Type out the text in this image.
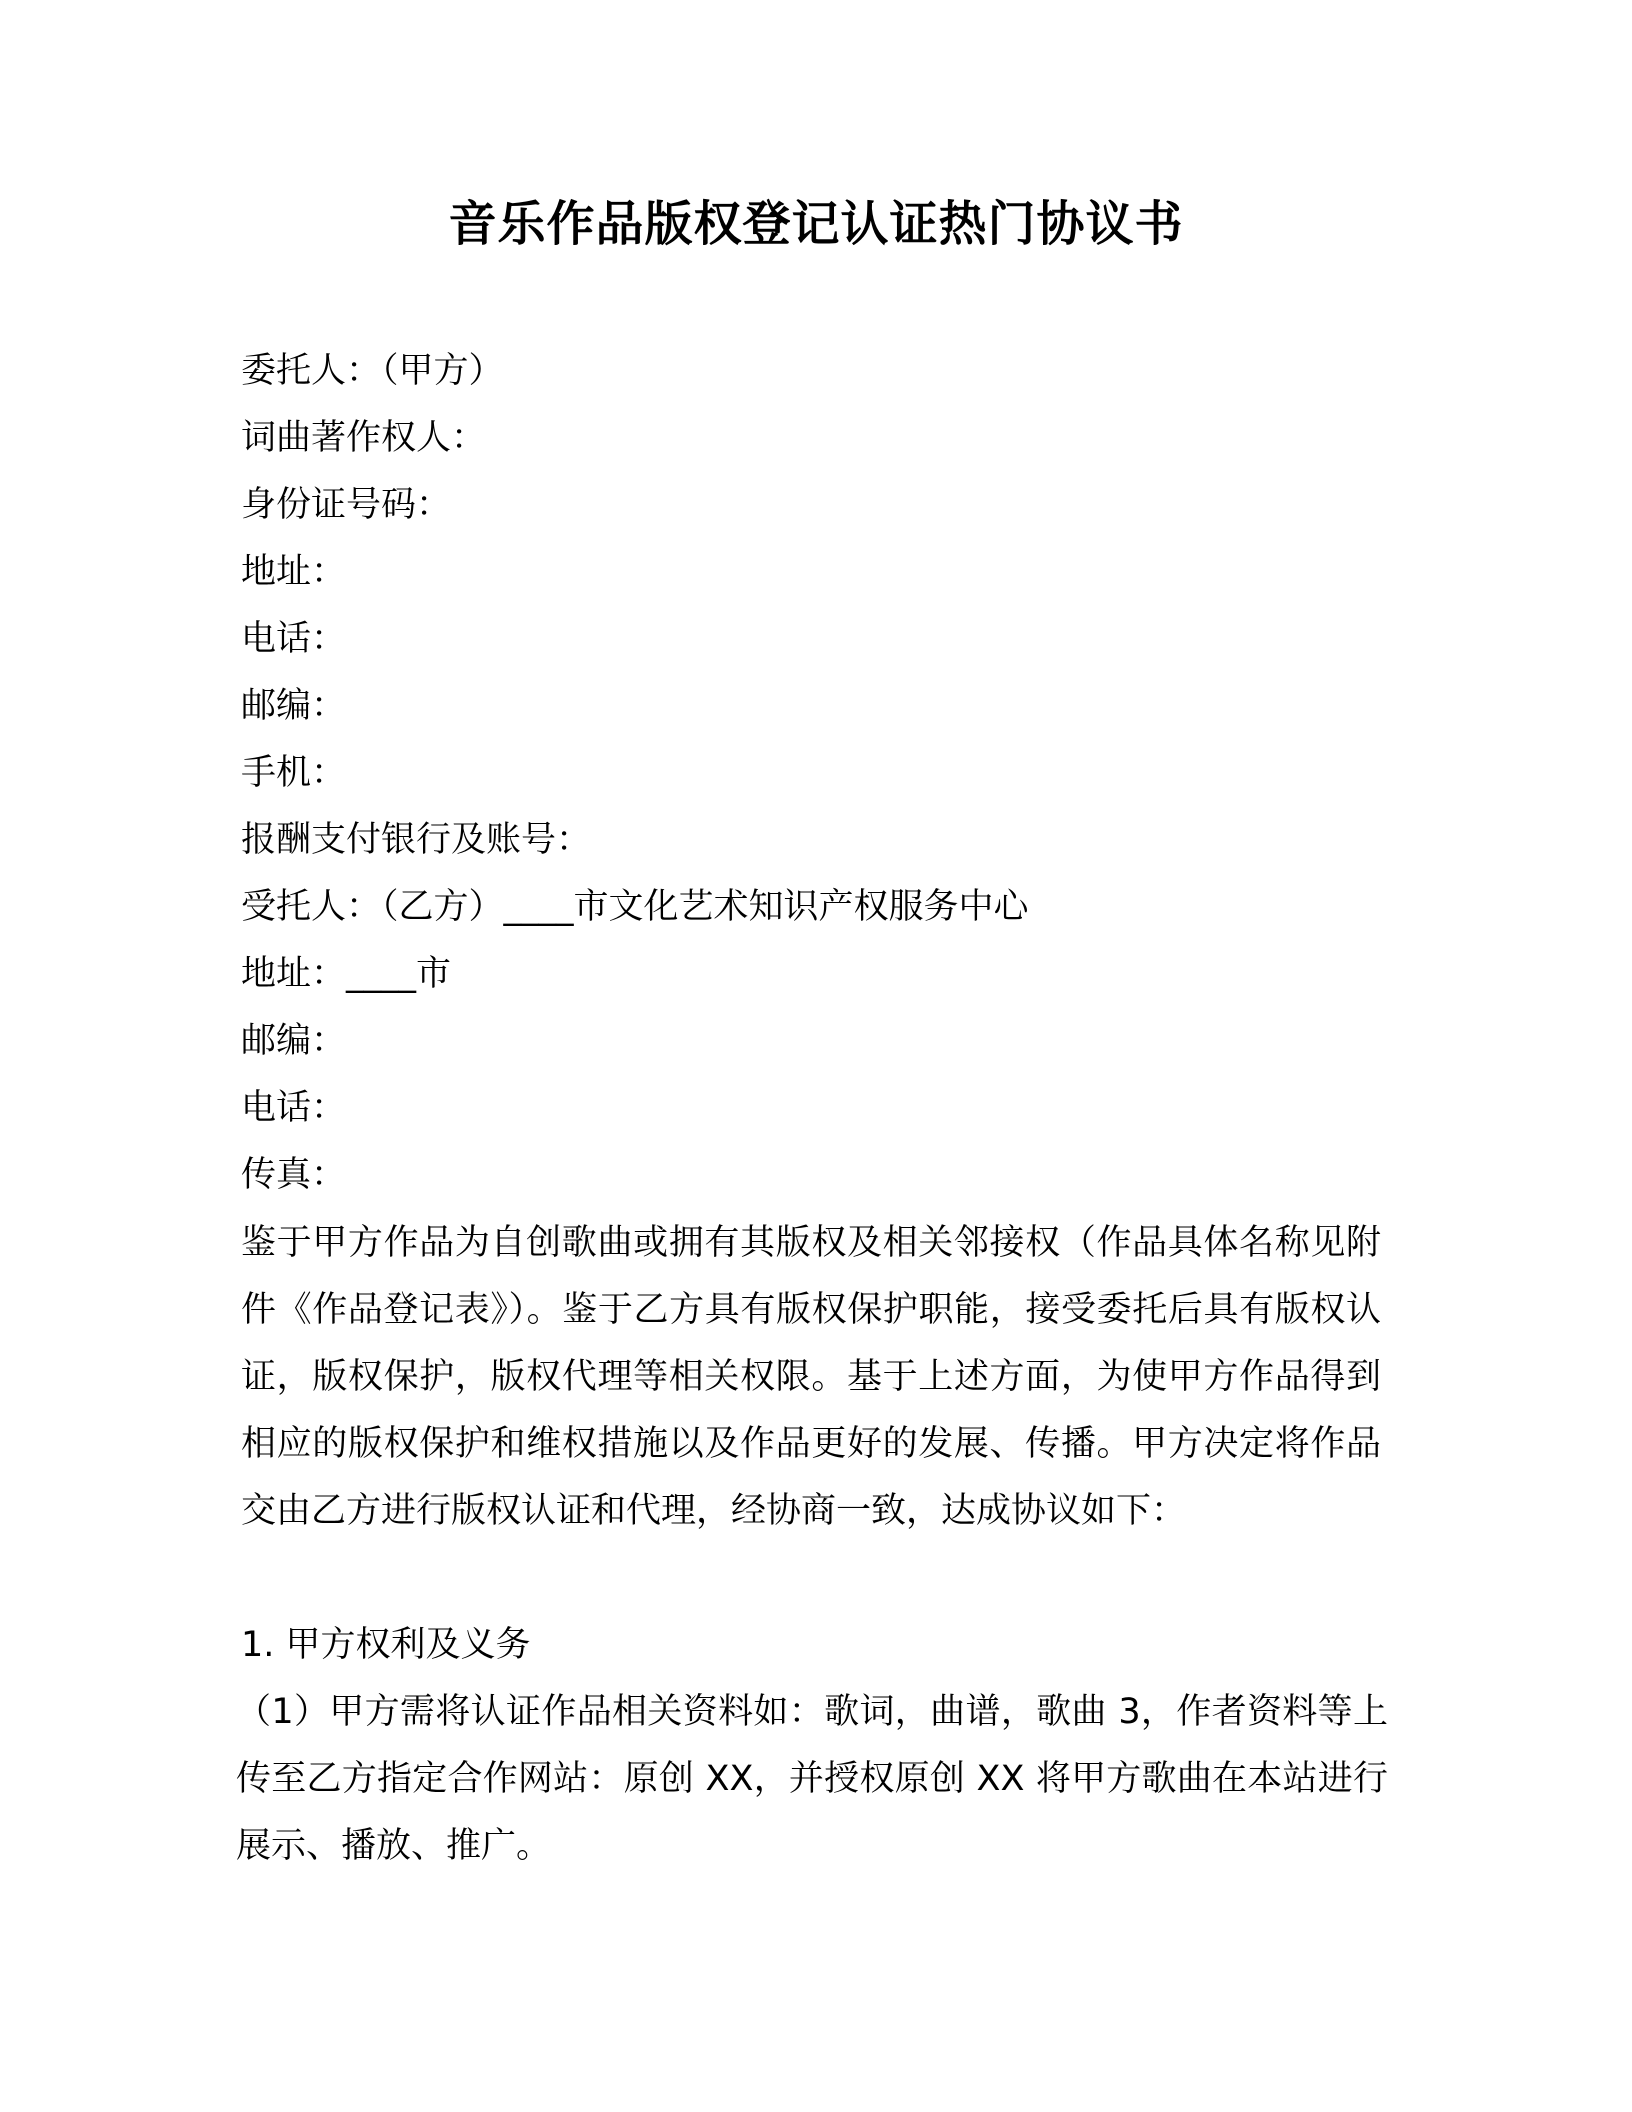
音乐作品版权登记认证热门协议书
委托人：（甲方）
词曲著作权人：
身份证号码：
地址：
电话：
邮编：
手机：
报酬支付银行及账号：
受托人：（乙方）____市文化艺术知识产权服务中心
地址：____市
邮编：
电话：
传真：

鉴于甲方作品为自创歌曲或拥有其版权及相关邻接权（作品具体名称见附件《作品登记表》）。鉴于乙方具有版权保护职能，接受委托后具有版权认证，版权保护，版权代理等相关权限。基于上述方面，为使甲方作品得到相应的版权保护和维权措施以及作品更好的发展、传播。甲方决定将作品交由乙方进行版权认证和代理，经协商一致，达成协议如下：

1. 甲方权利及义务

（1）甲方需将认证作品相关资料如：歌词，曲谱，歌曲 3，作者资料等上传至乙方指定合作网站：原创 XX，并授权原创 XX 将甲方歌曲在本站进行展示、播放、推广。
